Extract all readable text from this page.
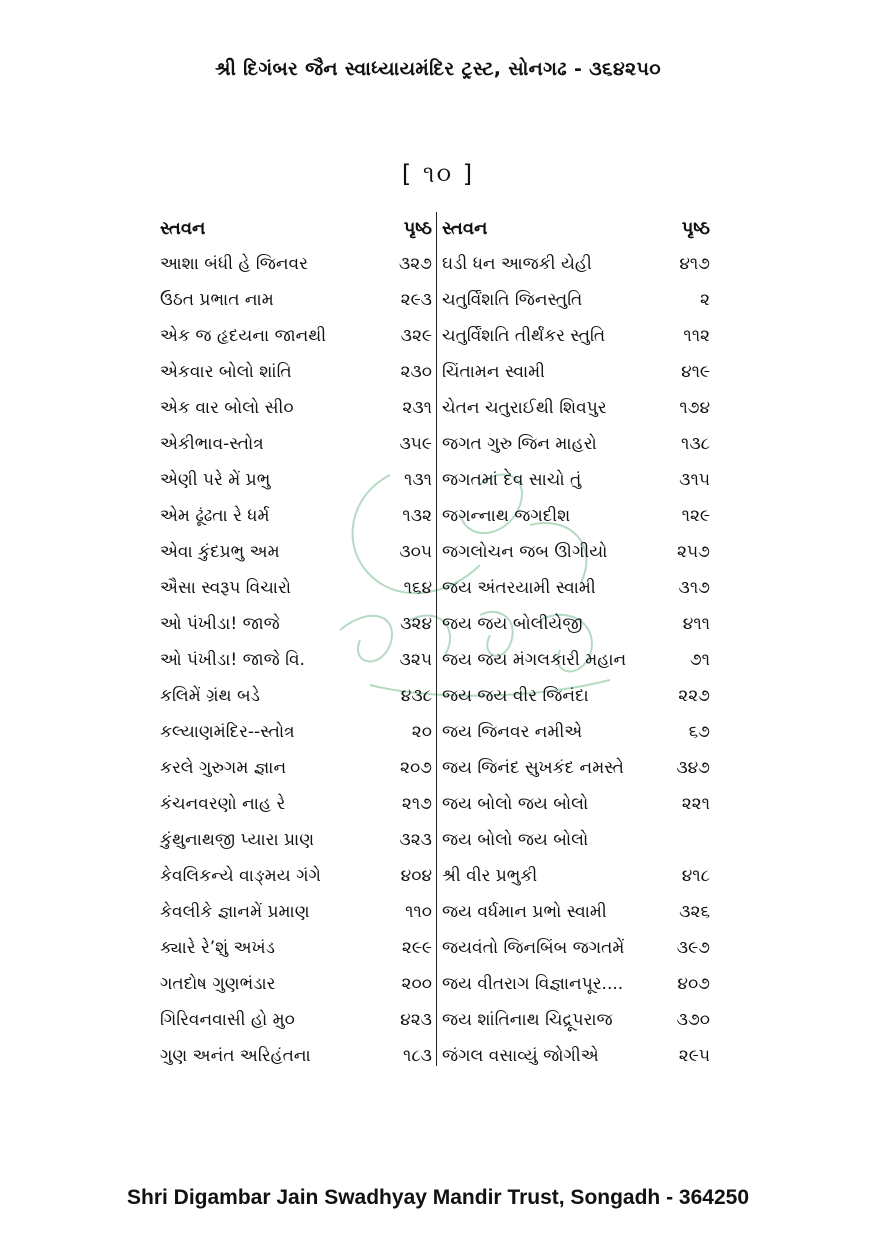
શ્રી દિગંબર જૈન સ્વાધ્યાયમંદિર ટ્રસ્ટ, સોનગઢ - ૩૬૪૨૫૦
[ ૧૦ ]
સ્તવન	પૃષ્ઠ
આશા બંધી હે જિનવર	૩૨૭
ઉઠત પ્રભાત નામ	૨૯૩
એક જ હૃદયના જાનથી	૩૨૯
એકવાર બોલો શાંતિ	૨૩૦
એક વાર બોલો સી૦	૨૩૧
એકીભાવ-સ્તોત્ર	૩૫૯
એણી પરે મેં પ્રભુ	૧૩૧
એમ ઢૂંઢતા રે ધર્મ	૧૩૨
એવા કુંદપ્રભુ અમ	૩૦૫
ઐસા સ્વરૂપ વિચારો	૧૬૪
ઓ પંખીડા! જાજે	૩૨૪
ઓ પંખીડા! જાજે વિ.	૩૨૫
કલિમેં ગ્રંથ બડે	૪૩૮
કલ્યાણમંદિર--સ્તોત્ર	૨૦
કરલે ગુરુગમ જ્ઞાન	૨૦૭
કંચનવરણો નાહ રે	૨૧૭
કુંથુનાથજી પ્યારા પ્રાણ	૩૨૩
કેવલિકન્યે વાઙ્મય ગંગે	૪૦૪
કેવલીકે જ્ઞાનમેં પ્રમાણ	૧૧૦
ક્યારે રે’શું અખંડ	૨૯૯
ગતદોષ ગુણભંડાર	૨૦૦
ગિરિવનવાસી હો મુ૦	૪૨૩
ગુણ અનંત અરિહંતના	૧૮૩
સ્તવન	પૃષ્ઠ
ઘડી ધન આજકી યેહી	૪૧૭
ચતુર્વિંશતિ જિનસ્તુતિ	૨
ચતુર્વિંશતિ તીર્થંકર સ્તુતિ	૧૧૨
ચિંતામન સ્વામી	૪૧૯
ચેતન ચતુરાઈથી શિવપુર	૧૭૪
જગત ગુરુ જિન માહરો	૧૩૮
જગતમાં દેવ સાચો તું	૩૧૫
જગન્નાથ જગદીશ	૧૨૯
જગલોચન જબ ઊગીયો	૨૫૭
જય અંતરયામી સ્વામી	૩૧૭
જય જય બોલીયેજી	૪૧૧
જય જય મંગલકારી મહાન	૭૧
જય જય વીર જિનંદા	૨૨૭
જય જિનવર નમીએ	૬૭
જય જિનંદ સુખકંદ નમસ્તે	૩૪૭
જય બોલો જય બોલો	૨૨૧
જય બોલો જય બોલો
શ્રી વીર પ્રભુકી	૪૧૮
જય વર્ધમાન પ્રભો સ્વામી	૩૨૬
જયવંતો જિનબિંબ જગતમેં	૩૯૭
જય વીતરાગ વિજ્ઞાનપૂર....	૪૦૭
જય શાંતિનાથ ચિદ્રૂપરાજ	૩૭૦
જંગલ વસાવ્યું જોગીએ	૨૯૫
Shri Digambar Jain Swadhyay Mandir Trust, Songadh - 364250
